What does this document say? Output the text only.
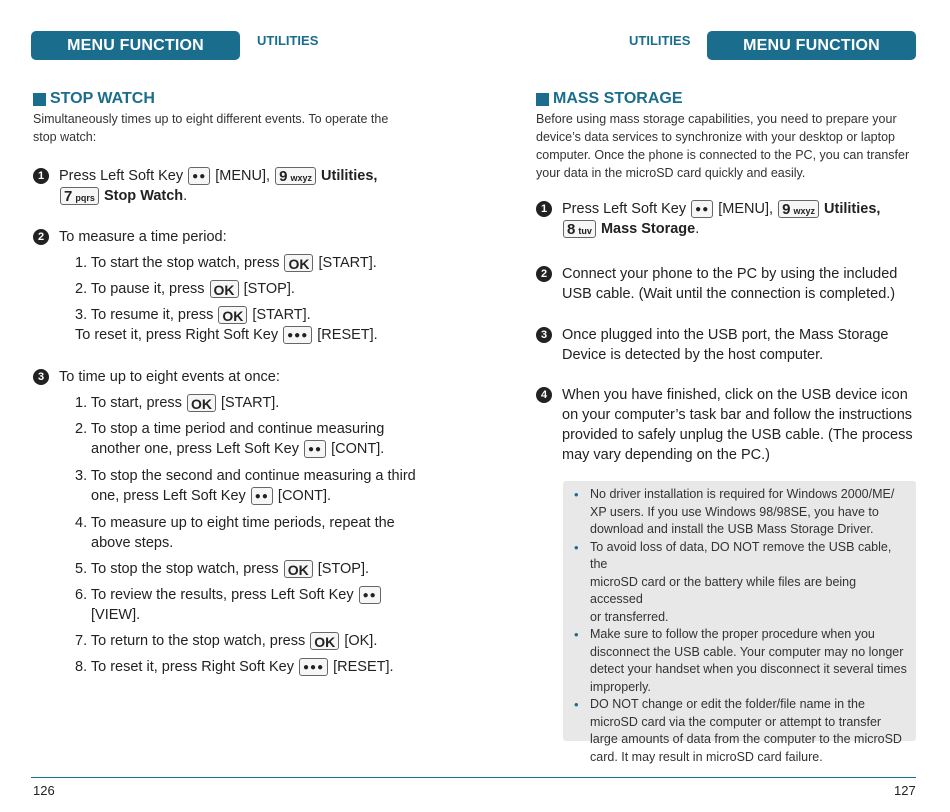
MENU FUNCTION	UTILITIES
STOP WATCH
Simultaneously times up to eight different events. To operate the
stop watch:
1	Press Left Soft Key ●● [MENU], 9 wxyz Utilities,
7 pqrs Stop Watch.
2	To measure a time period:
1. To start the stop watch, press OK [START].
2. To pause it, press OK [STOP].
3. To resume it, press OK [START].
To reset it, press Right Soft Key ●●● [RESET].
3	To time up to eight events at once:
1. To start, press OK [START].
2. To stop a time period and continue measuring
another one, press Left Soft Key ●● [CONT].
3. To stop the second and continue measuring a third
one, press Left Soft Key ●● [CONT].
4. To measure up to eight time periods, repeat the
above steps.
5. To stop the stop watch, press OK [STOP].
6. To review the results, press Left Soft Key ●●
[VIEW].
7. To return to the stop watch, press OK [OK].
8. To reset it, press Right Soft Key ●●● [RESET].
126
UTILITIES	MENU FUNCTION
MASS STORAGE
Before using mass storage capabilities, you need to prepare your
device’s data services to synchronize with your desktop or laptop
computer. Once the phone is connected to the PC, you can transfer
your data in the microSD card quickly and easily.
1	Press Left Soft Key ●● [MENU], 9 wxyz Utilities,
8 tuv Mass Storage.
2	Connect your phone to the PC by using the included
USB cable. (Wait until the connection is completed.)
3	Once plugged into the USB port, the Mass Storage
Device is detected by the host computer.
4	When you have finished, click on the USB device icon
on your computer’s task bar and follow the instructions
provided to safely unplug the USB cable. (The process
may vary depending on the PC.)
127
• No driver installation is required for Windows 2000/ME/
XP users. If you use Windows 98/98SE, you have to
download and install the USB Mass Storage Driver.
• To avoid loss of data, DO NOT remove the USB cable, the
microSD card or the battery while files are being accessed
or transferred.
• Make sure to follow the proper procedure when you
disconnect the USB cable. Your computer may no longer
detect your handset when you disconnect it several times
improperly.
• DO NOT change or edit the folder/file name in the
microSD card via the computer or attempt to transfer
large amounts of data from the computer to the microSD
card. It may result in microSD card failure.
